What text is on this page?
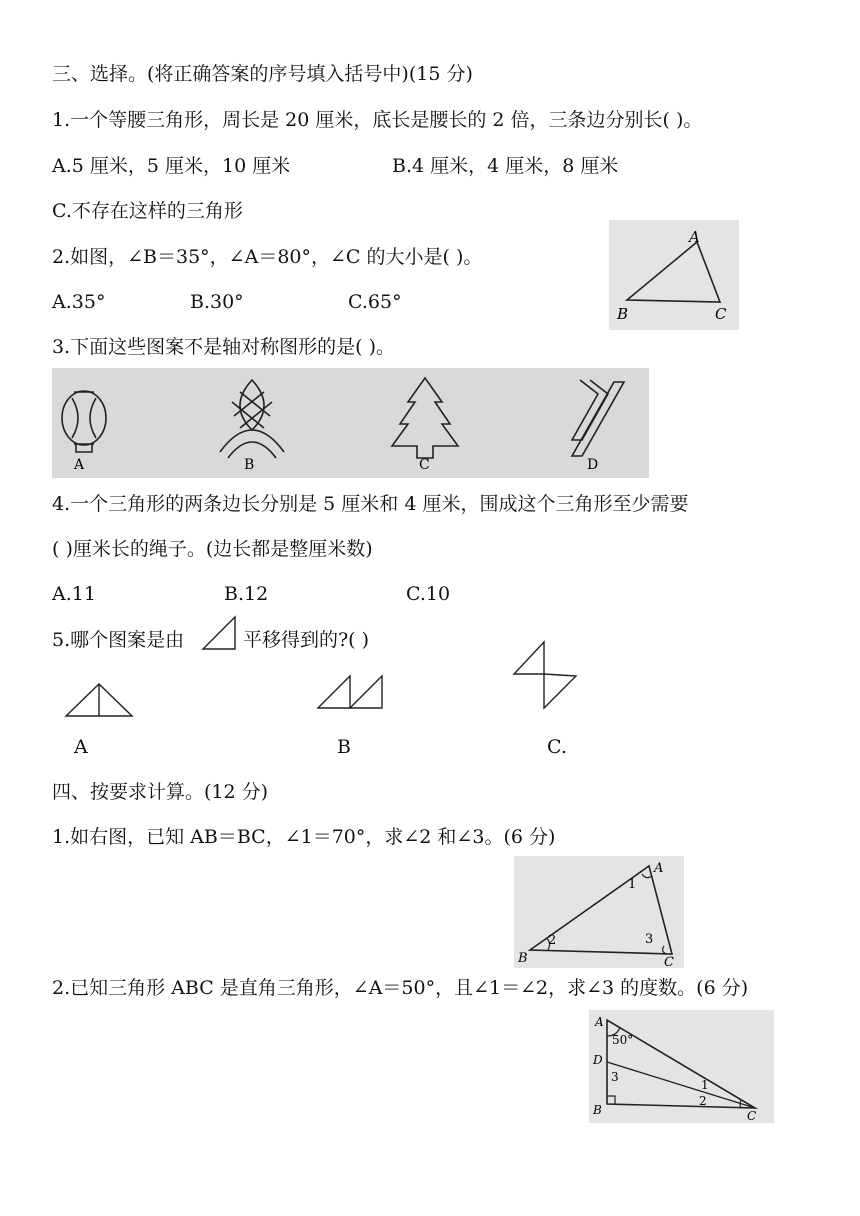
三、选择。(将正确答案的序号填入括号中)(15 分)
1.一个等腰三角形，周长是 20 厘米，底长是腰长的 2 倍，三条边分别长( )。
A.5 厘米，5 厘米，10 厘米	B.4 厘米，4 厘米，8 厘米
C.不存在这样的三角形
2.如图，∠B＝35°，∠A＝80°，∠C 的大小是( )。
A.35°	B.30°	C.65°
A
B	C
3.下面这些图案不是轴对称图形的是( )。
A	B	C	D
4.一个三角形的两条边长分别是 5 厘米和 4 厘米，围成这个三角形至少需要
( )厘米长的绳子。(边长都是整厘米数)
A.11	B.12	C.10
5.哪个图案是由	平移得到的?( )
A	B	C.
四、按要求计算。(12 分)
1.如右图，已知 AB＝BC，∠1＝70°，求∠2 和∠3。(6 分)
A
B	C
1
2	3
2.已知三角形 ABC 是直角三角形，∠A＝50°，且∠1＝∠2，求∠3 的度数。(6 分)
A
D
B	C
50°
3
1
2
